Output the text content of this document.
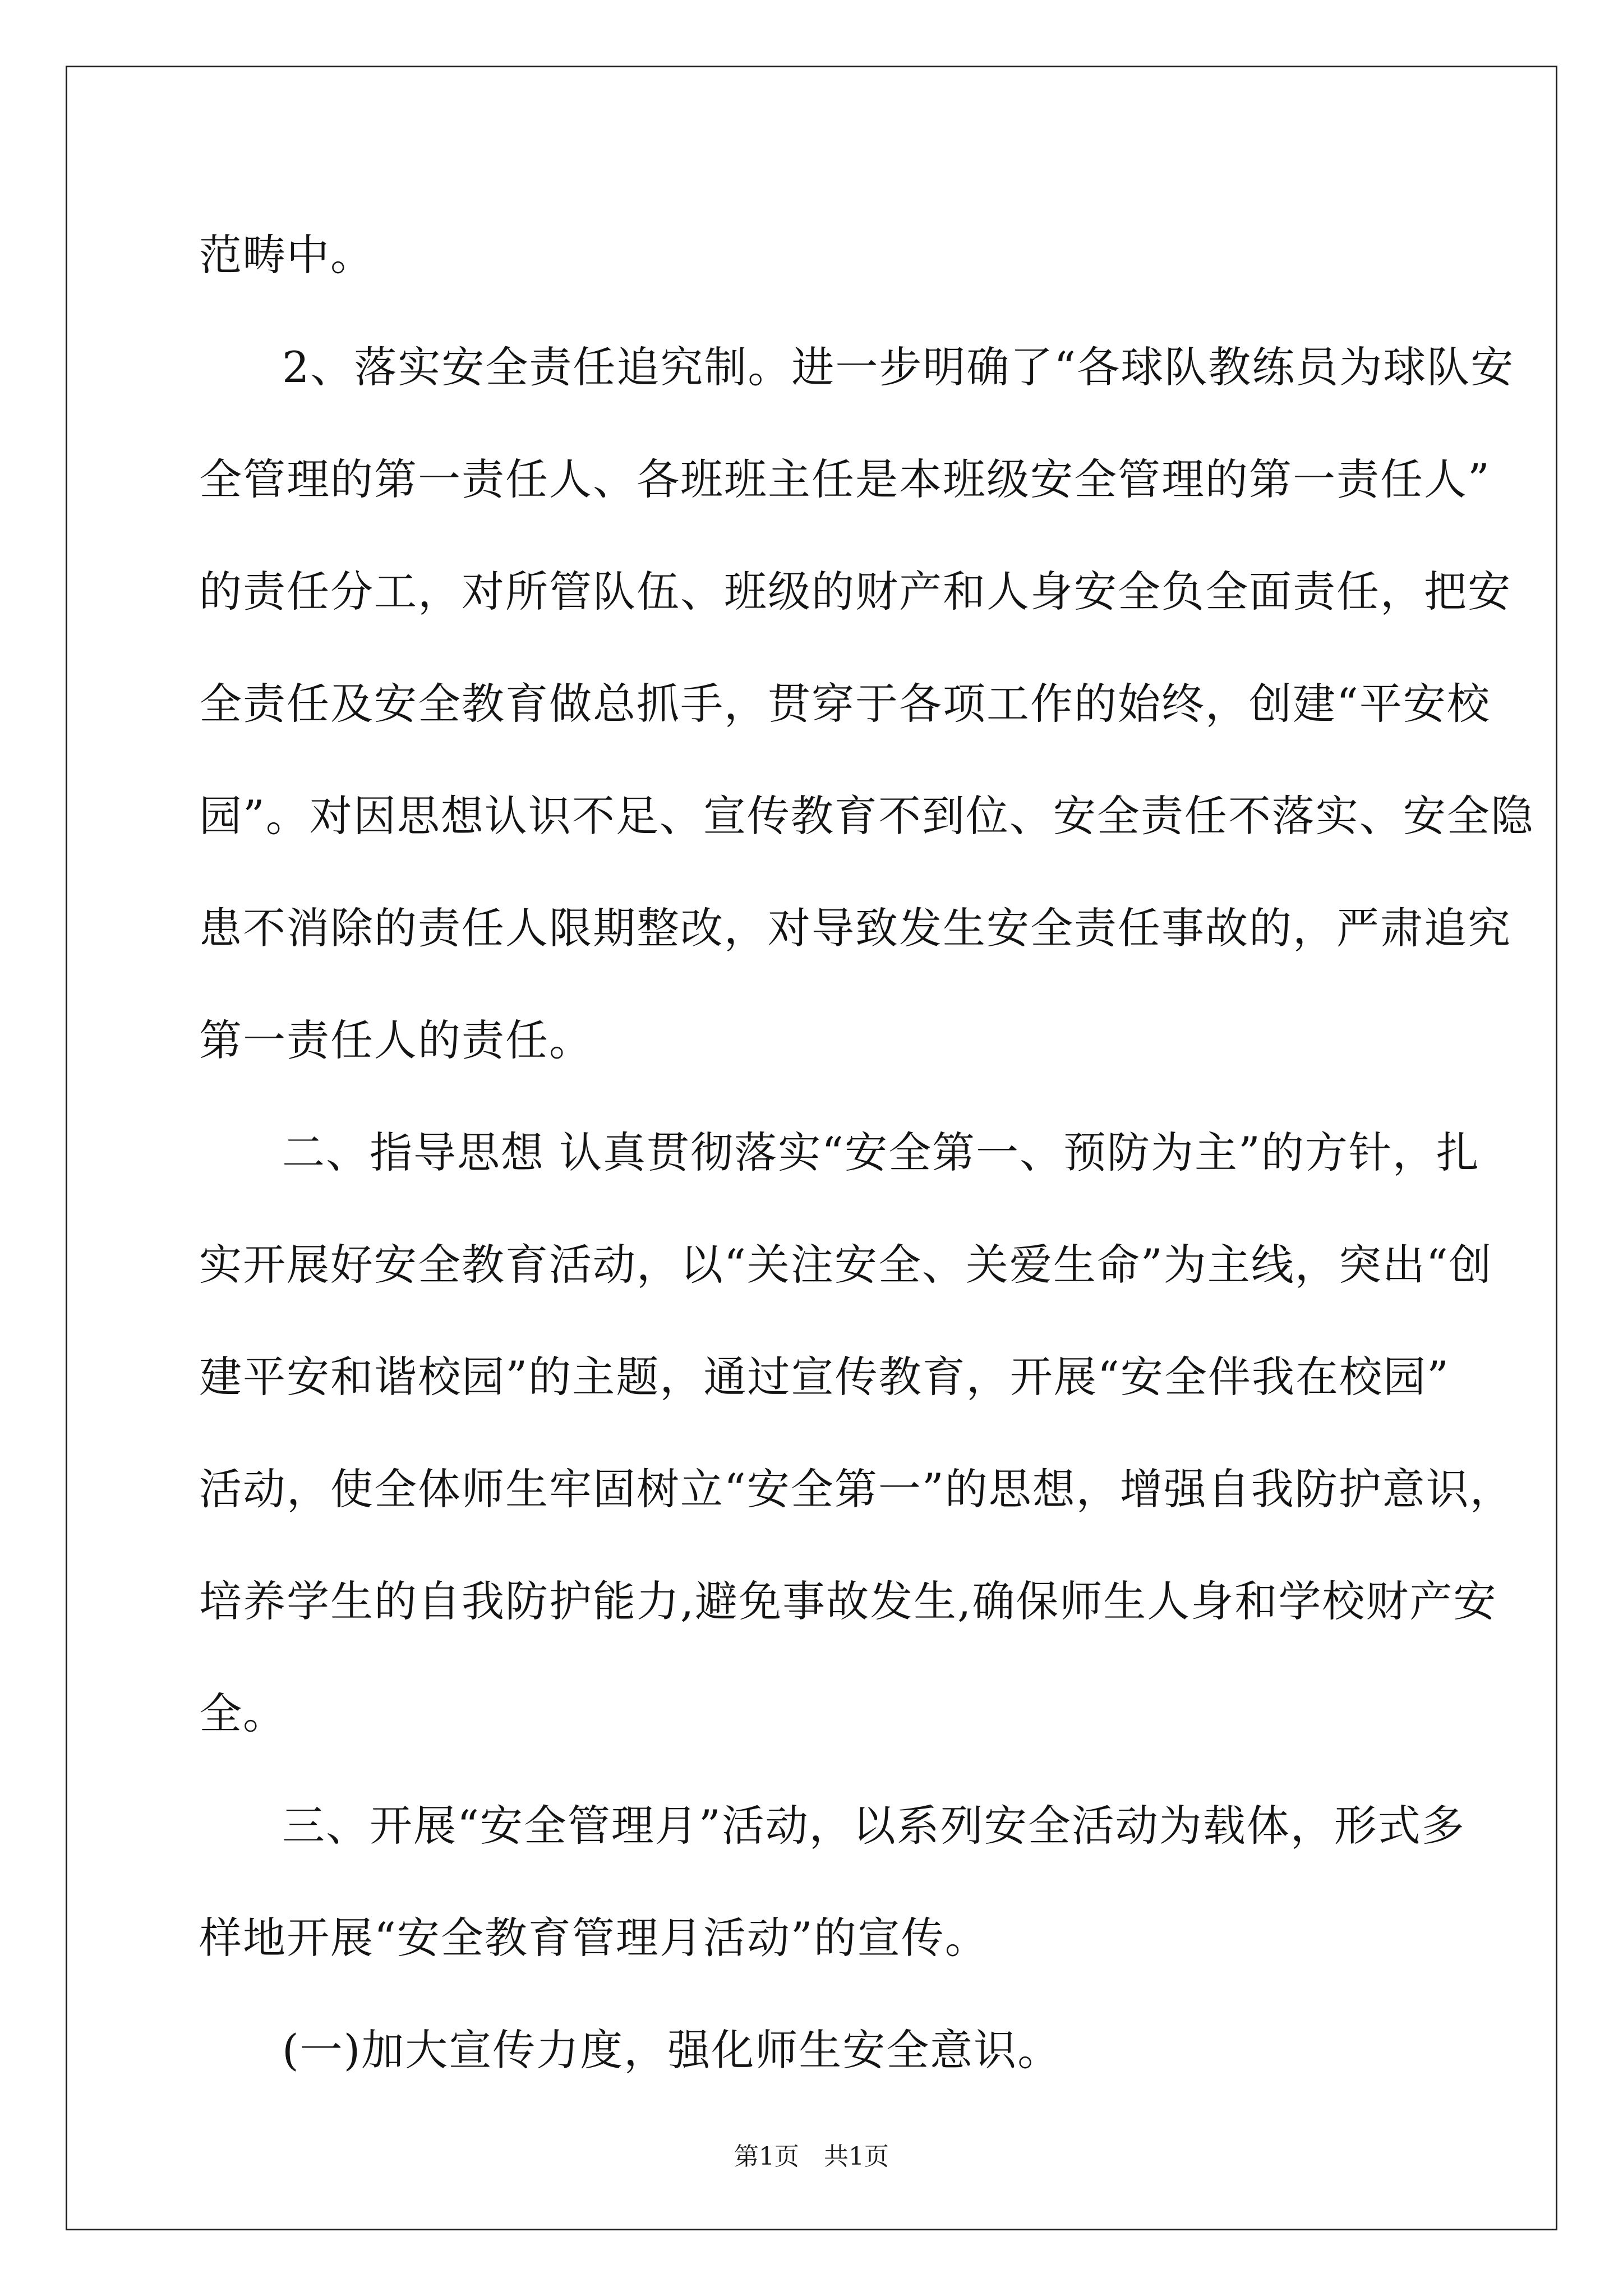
范畴中。
2、落实安全责任追究制。进一步明确了“各球队教练员为球队安
全管理的第一责任人、各班班主任是本班级安全管理的第一责任人”
的责任分工，对所管队伍、班级的财产和人身安全负全面责任，把安
全责任及安全教育做总抓手，贯穿于各项工作的始终，创建“平安校
园”。对因思想认识不足、宣传教育不到位、安全责任不落实、安全隐
患不消除的责任人限期整改，对导致发生安全责任事故的，严肃追究
第一责任人的责任。
二、指导思想 认真贯彻落实“安全第一、预防为主”的方针，扎
实开展好安全教育活动，以“关注安全、关爱生命”为主线，突出“创
建平安和谐校园”的主题，通过宣传教育，开展“安全伴我在校园”
活动，使全体师生牢固树立“安全第一”的思想，增强自我防护意识，
培养学生的自我防护能力,避免事故发生,确保师生人身和学校财产安
全。
三、开展“安全管理月”活动，以系列安全活动为载体，形式多
样地开展“安全教育管理月活动”的宣传。
(一)加大宣传力度，强化师生安全意识。
第1页 共1页
